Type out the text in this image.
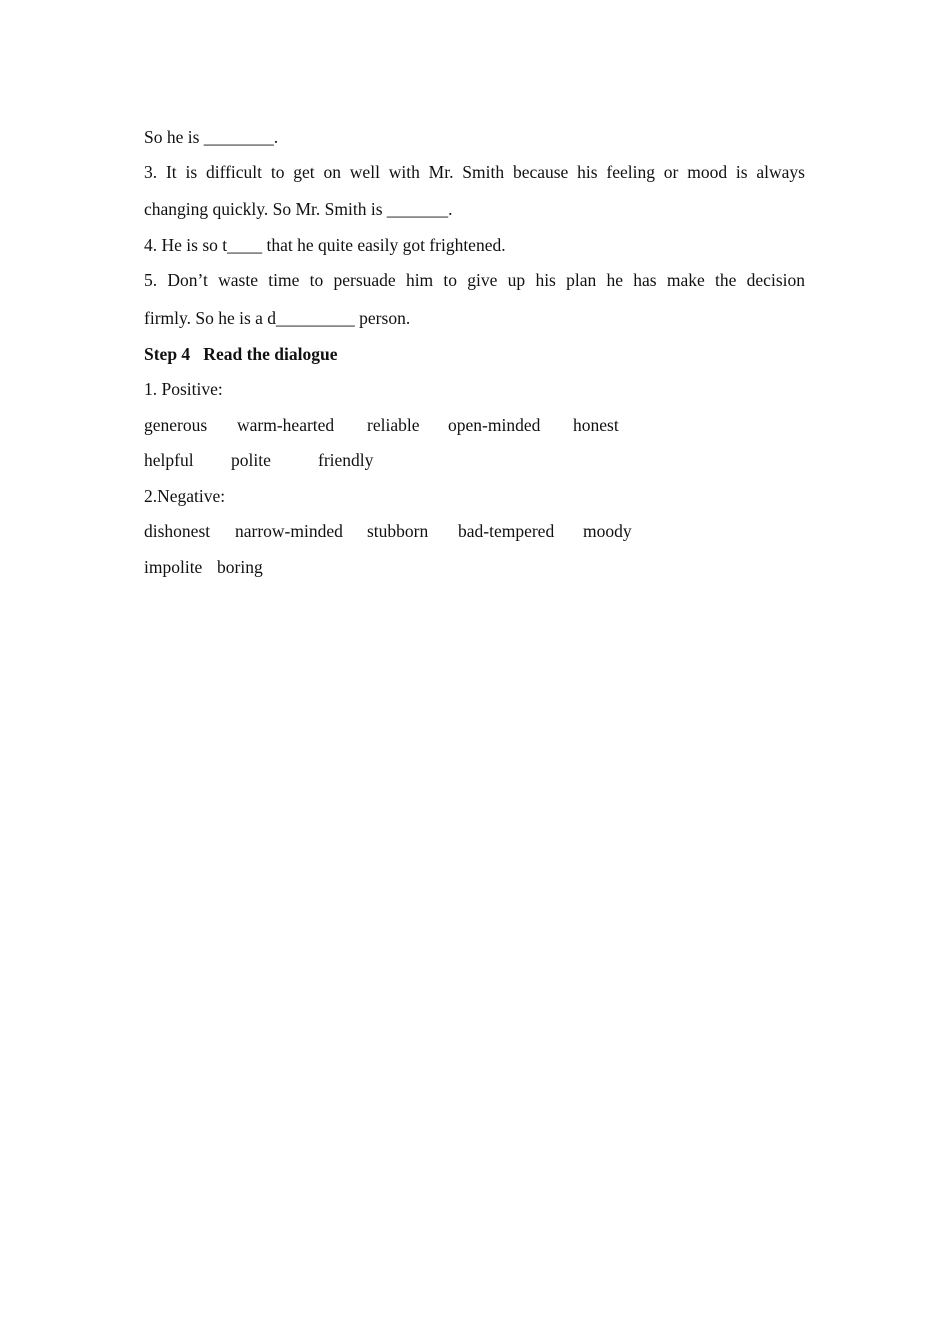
So he is ________.
3. It is difficult to get on well with Mr. Smith because his feeling or mood is always
changing quickly. So Mr. Smith is _______.
4. He is so t____ that he quite easily got frightened.
5. Don’t waste time to persuade him to give up his plan he has make the decision
firmly. So he is a d_________ person.
Step 4   Read the dialogue
1. Positive:
generous warm-hearted reliable open-minded honest
helpful polite	friendly
2.Negative:
dishonest narrow-minded stubborn bad-tempered moody
impolite boring
